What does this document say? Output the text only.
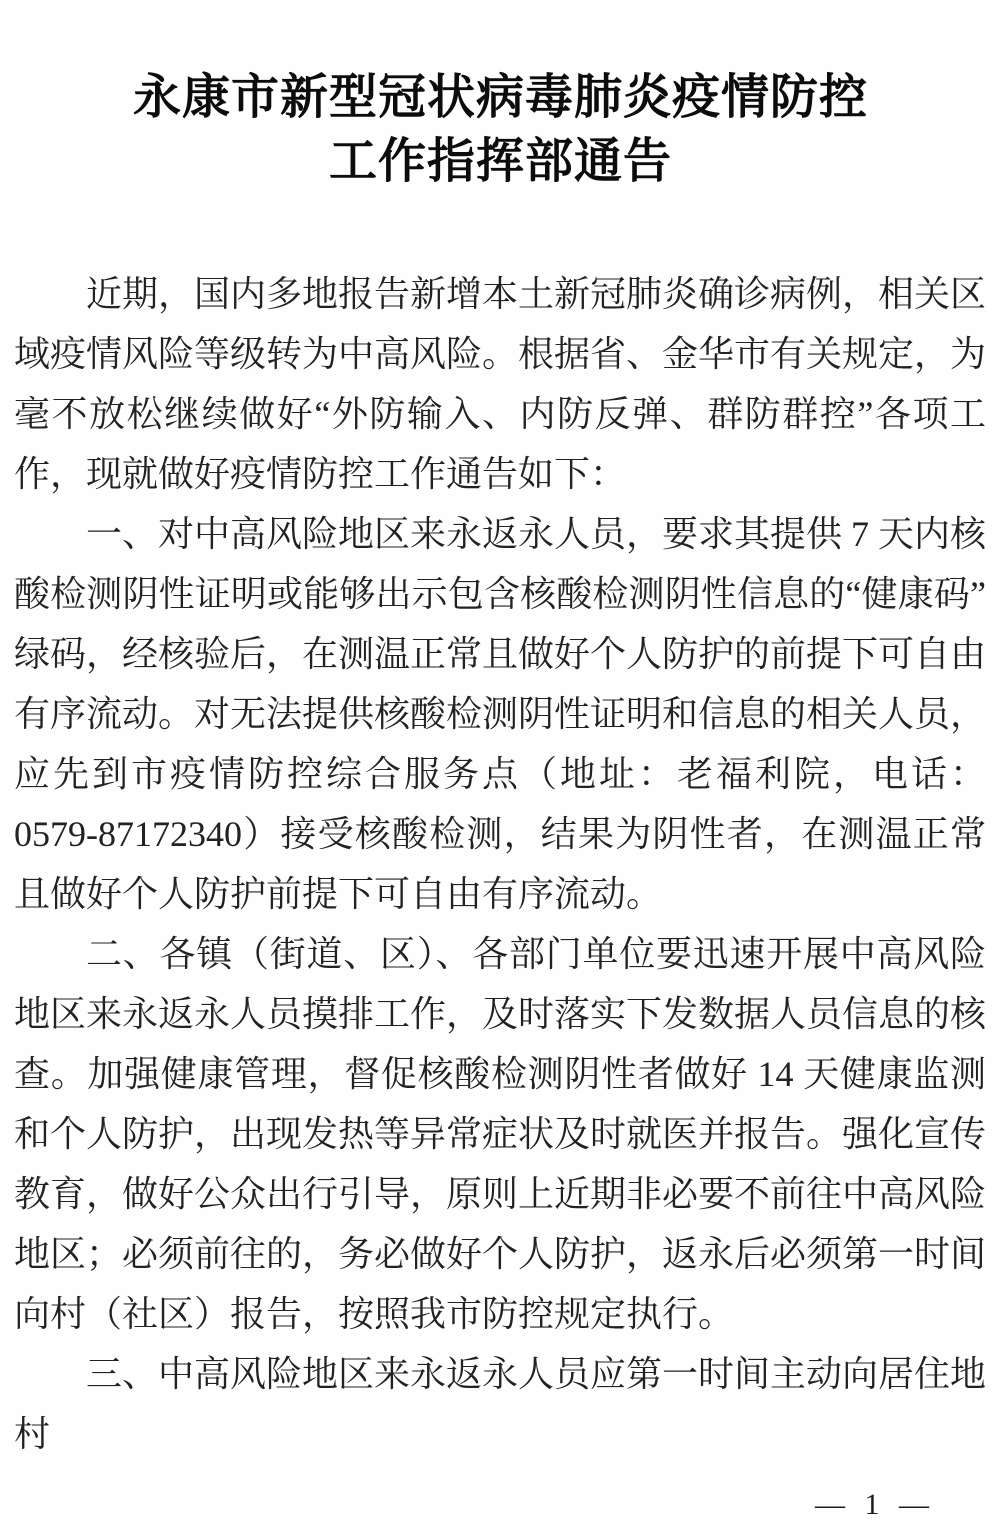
永康市新型冠状病毒肺炎疫情防控
工作指挥部通告

近期，国内多地报告新增本土新冠肺炎确诊病例，相关区域疫情风险等级转为中高风险。根据省、金华市有关规定，为毫不放松继续做好“外防输入、内防反弹、群防群控”各项工作，现就做好疫情防控工作通告如下：

一、对中高风险地区来永返永人员，要求其提供 7 天内核酸检测阴性证明或能够出示包含核酸检测阴性信息的“健康码”绿码，经核验后，在测温正常且做好个人防护的前提下可自由有序流动。对无法提供核酸检测阴性证明和信息的相关人员，应先到市疫情防控综合服务点（地址：老福利院，电话：0579-87172340）接受核酸检测，结果为阴性者，在测温正常且做好个人防护前提下可自由有序流动。

二、各镇（街道、区）、各部门单位要迅速开展中高风险地区来永返永人员摸排工作，及时落实下发数据人员信息的核查。加强健康管理，督促核酸检测阴性者做好 14 天健康监测和个人防护，出现发热等异常症状及时就医并报告。强化宣传教育，做好公众出行引导，原则上近期非必要不前往中高风险地区；必须前往的，务必做好个人防护，返永后必须第一时间向村（社区）报告，按照我市防控规定执行。

三、中高风险地区来永返永人员应第一时间主动向居住地村

— 1 —
